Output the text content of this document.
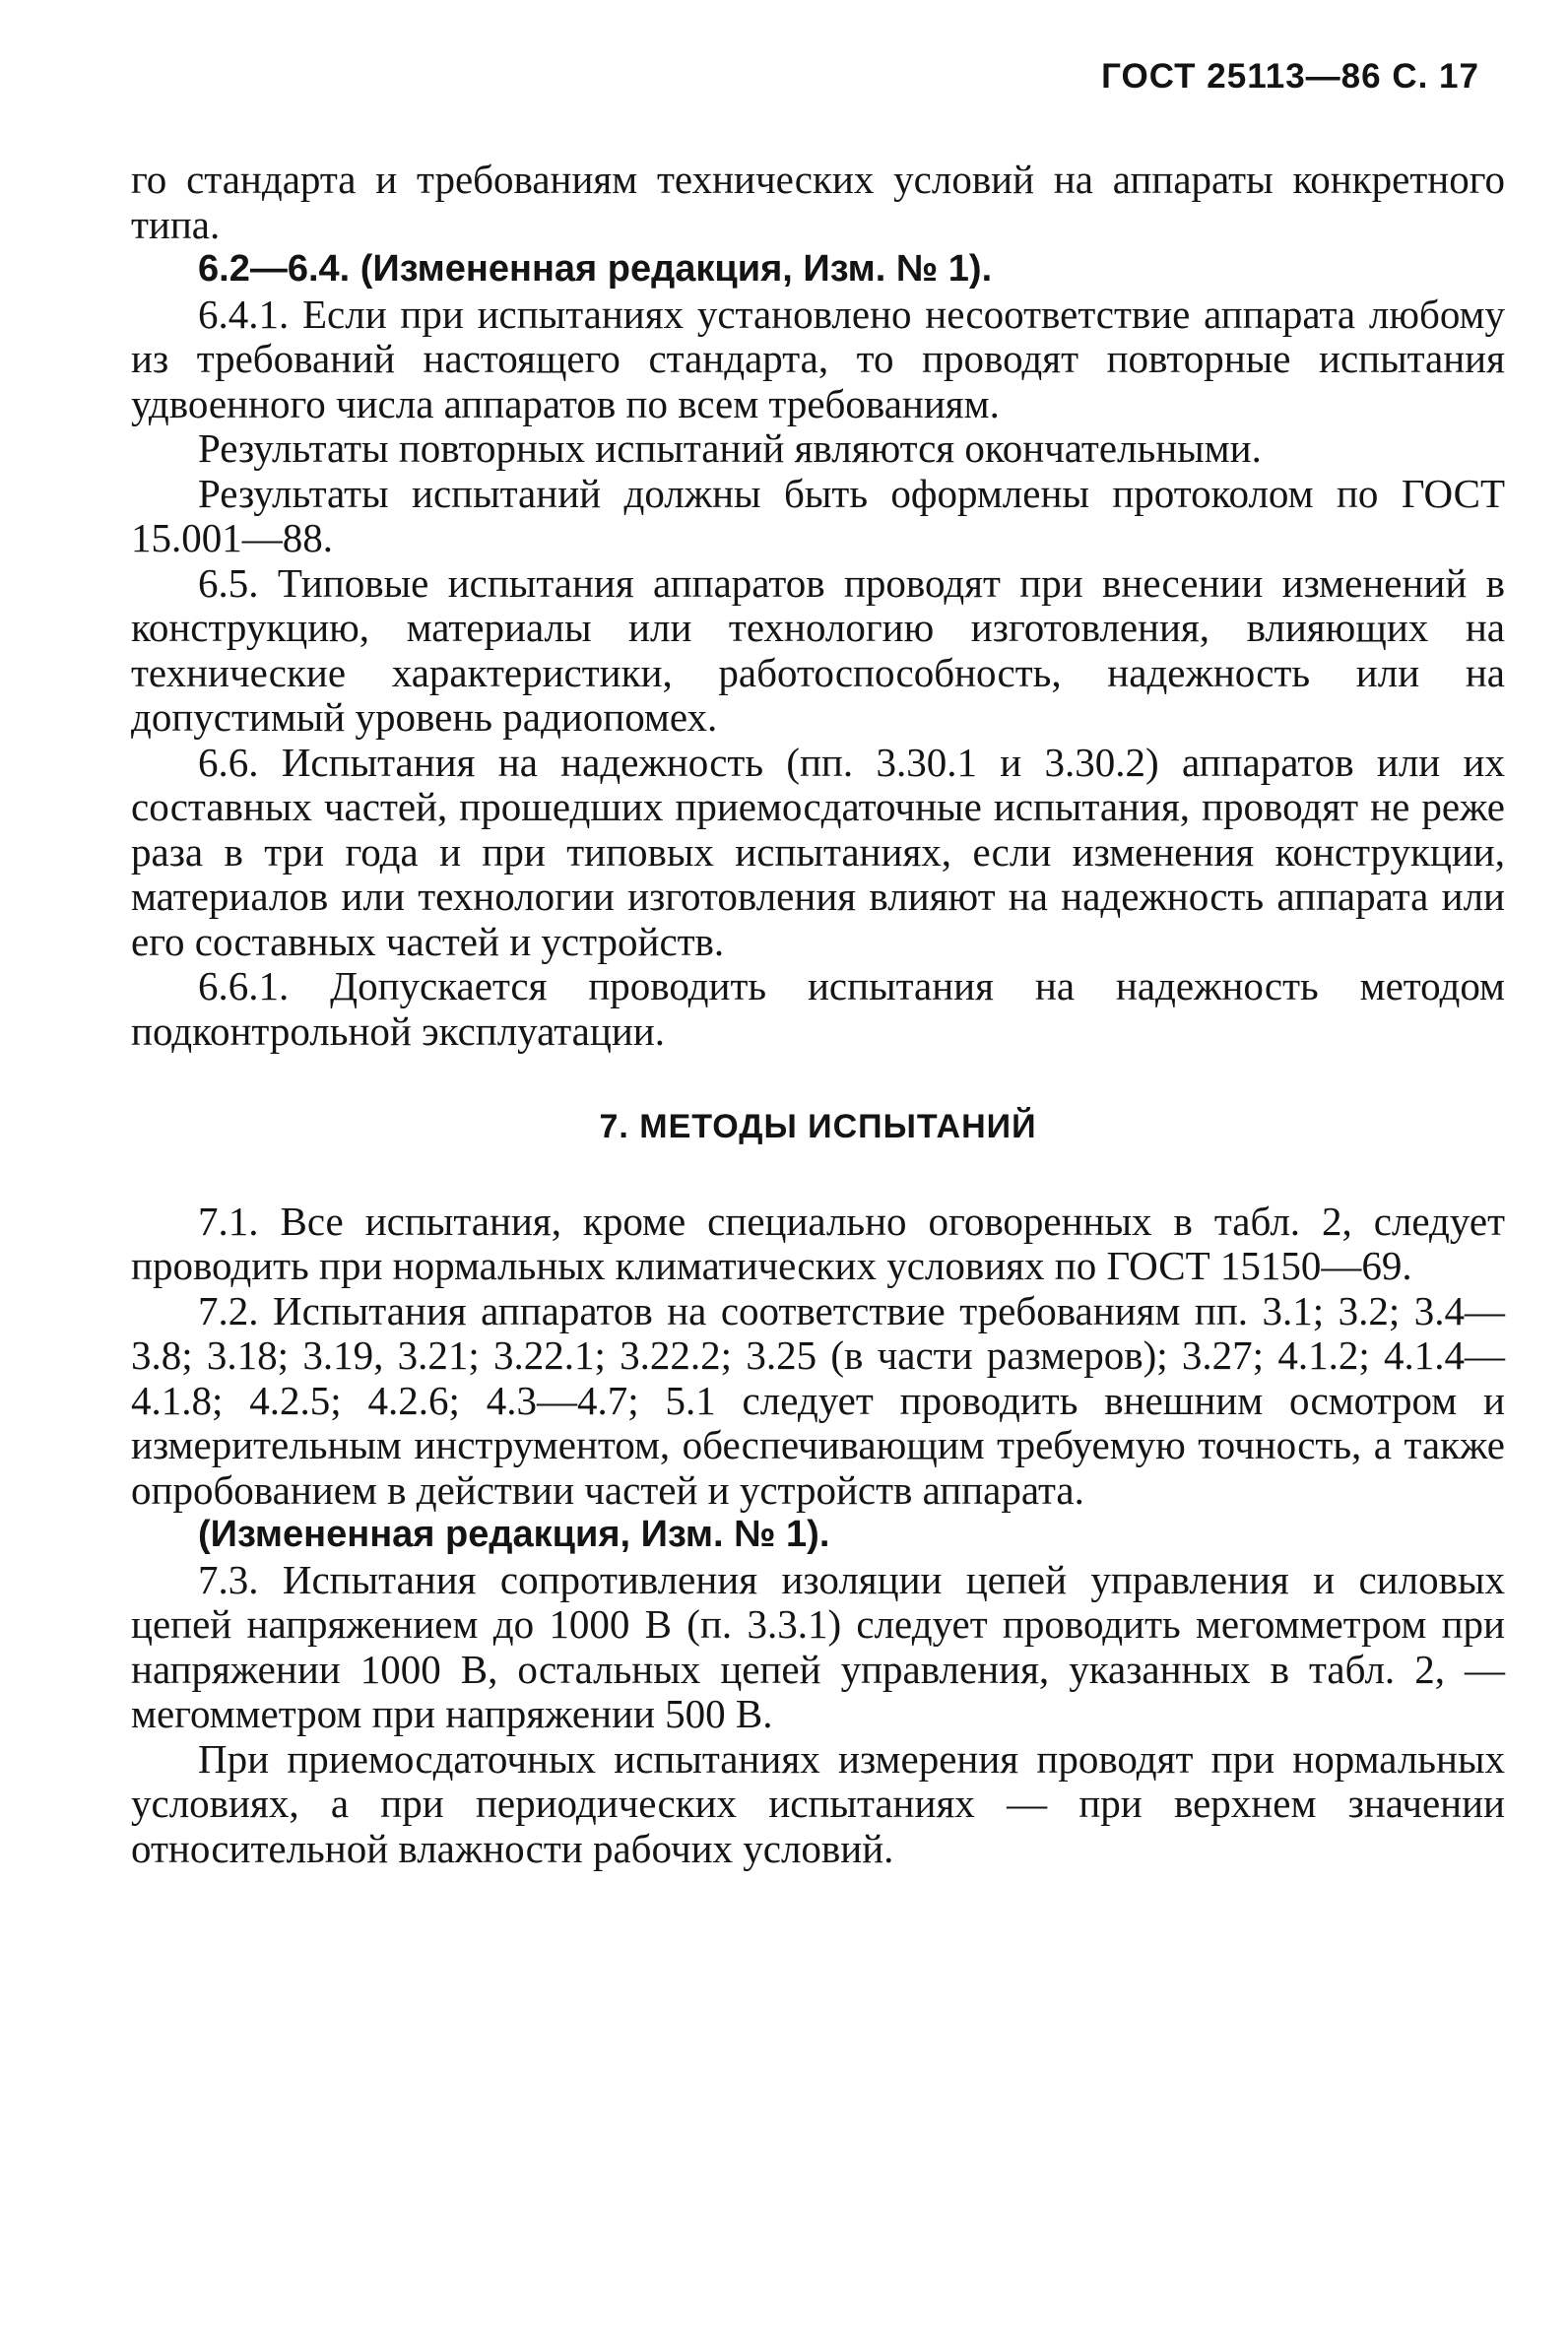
ГОСТ 25113—86 С. 17

го стандарта и требованиям технических условий на аппараты конкретного типа.

6.2—6.4. (Измененная редакция, Изм. № 1).

6.4.1. Если при испытаниях установлено несоответствие аппарата любому из требований настоящего стандарта, то проводят повторные испытания удвоенного числа аппаратов по всем требованиям.

Результаты повторных испытаний являются окончательными.

Результаты испытаний должны быть оформлены протоколом по ГОСТ 15.001—88.

6.5. Типовые испытания аппаратов проводят при внесении изменений в конструкцию, материалы или технологию изготовления, влияющих на технические характеристики, работоспособность, надежность или на допустимый уровень радиопомех.

6.6. Испытания на надежность (пп. 3.30.1 и 3.30.2) аппаратов или их составных частей, прошедших приемосдаточные испытания, проводят не реже раза в три года и при типовых испытаниях, если изменения конструкции, материалов или технологии изготовления влияют на надежность аппарата или его составных частей и устройств.

6.6.1. Допускается проводить испытания на надежность методом подконтрольной эксплуатации.

7. МЕТОДЫ ИСПЫТАНИЙ

7.1. Все испытания, кроме специально оговоренных в табл. 2, следует проводить при нормальных климатических условиях по ГОСТ 15150—69.

7.2. Испытания аппаратов на соответствие требованиям пп. 3.1; 3.2; 3.4—3.8; 3.18; 3.19, 3.21; 3.22.1; 3.22.2; 3.25 (в части размеров); 3.27; 4.1.2; 4.1.4—4.1.8; 4.2.5; 4.2.6; 4.3—4.7; 5.1 следует проводить внешним осмотром и измерительным инструментом, обеспечивающим требуемую точность, а также опробованием в действии частей и устройств аппарата.

(Измененная редакция, Изм. № 1).

7.3. Испытания сопротивления изоляции цепей управления и силовых цепей напряжением до 1000 В (п. 3.3.1) следует проводить мегомметром при напряжении 1000 В, остальных цепей управления, указанных в табл. 2, — мегомметром при напряжении 500 В.

При приемосдаточных испытаниях измерения проводят при нормальных условиях, а при периодических испытаниях — при верхнем значении относительной влажности рабочих условий.
